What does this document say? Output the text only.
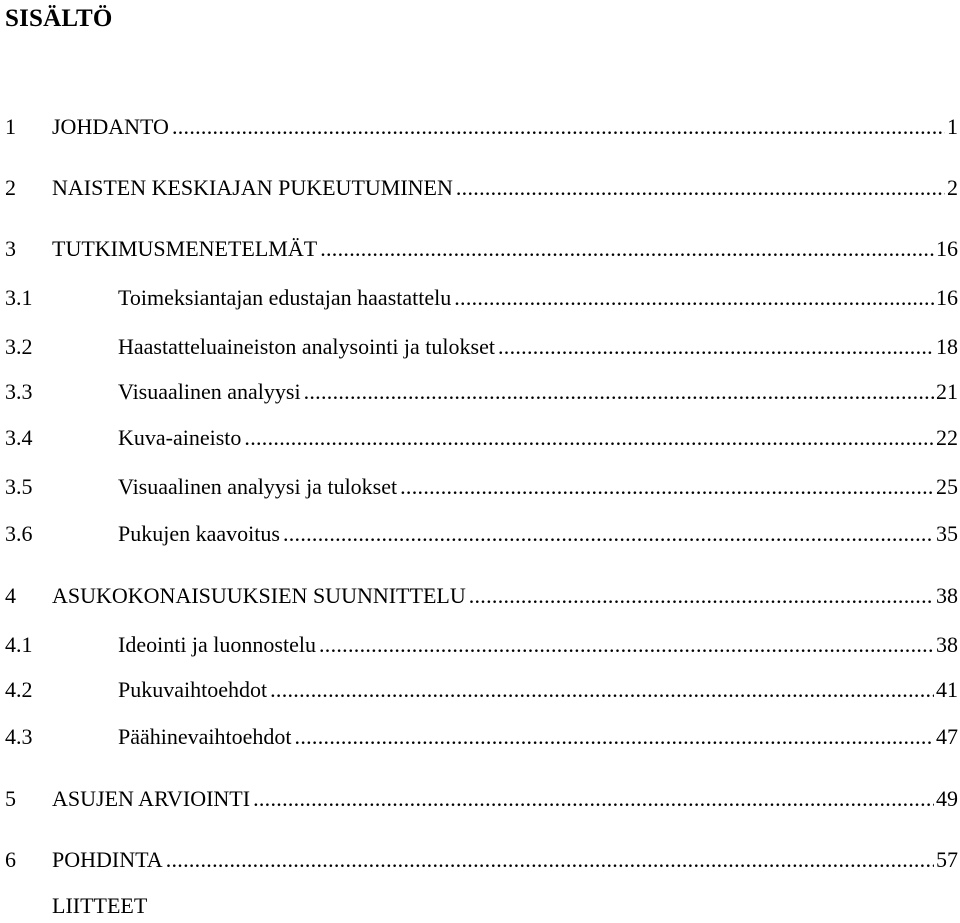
SISÄLTÖ
1	JOHDANTO .....	1
2	NAISTEN KESKIAJAN PUKEUTUMINEN .....	2
3	TUTKIMUSMENETELMÄT .....	16
3.1	Toimeksiantajan edustajan haastattelu .....	16
3.2	Haastatteluaineiston analysointi ja tulokset .....	18
3.3	Visuaalinen analyysi .....	21
3.4	Kuva-aineisto .....	22
3.5	Visuaalinen analyysi ja tulokset .....	25
3.6	Pukujen kaavoitus .....	35
4	ASUKOKONAISUUKSIEN SUUNNITTELU .....	38
4.1	Ideointi ja luonnostelu .....	38
4.2	Pukuvaihtoehdot .....	41
4.3	Päähinevaihtoehdot .....	47
5	ASUJEN ARVIOINTI .....	49
6	POHDINTA .....	57
LIITTEET
